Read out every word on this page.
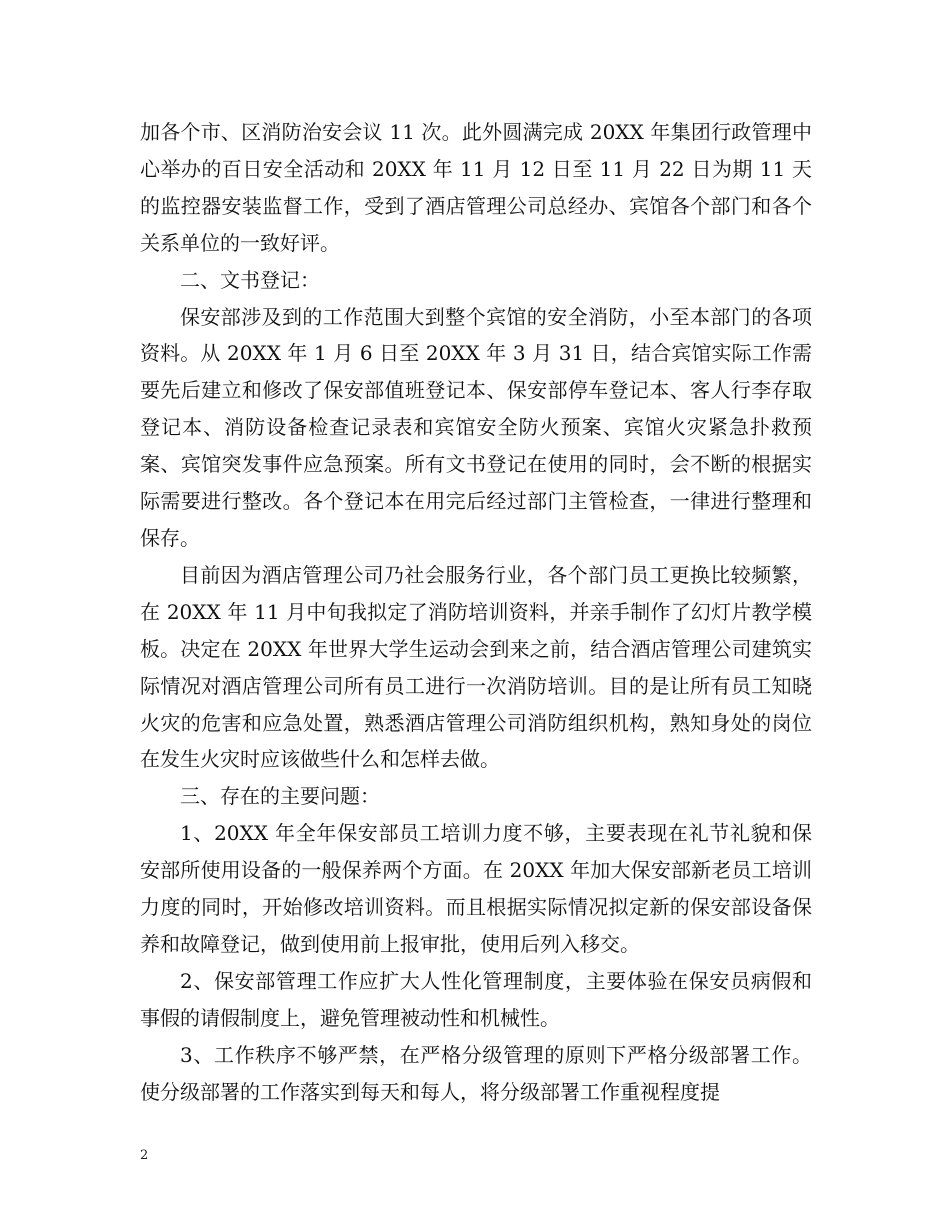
加各个市、区消防治安会议 11 次。此外圆满完成 20XX 年集团行政管理中心举办的百日安全活动和 20XX 年 11 月 12 日至 11 月 22 日为期 11 天的监控器安装监督工作，受到了酒店管理公司总经办、宾馆各个部门和各个关系单位的一致好评。

二、文书登记：

保安部涉及到的工作范围大到整个宾馆的安全消防，小至本部门的各项资料。从 20XX 年 1 月 6 日至 20XX 年 3 月 31 日，结合宾馆实际工作需要先后建立和修改了保安部值班登记本、保安部停车登记本、客人行李存取登记本、消防设备检查记录表和宾馆安全防火预案、宾馆火灾紧急扑救预案、宾馆突发事件应急预案。所有文书登记在使用的同时，会不断的根据实际需要进行整改。各个登记本在用完后经过部门主管检查，一律进行整理和保存。

目前因为酒店管理公司乃社会服务行业，各个部门员工更换比较频繁，在 20XX 年 11 月中旬我拟定了消防培训资料，并亲手制作了幻灯片教学模板。决定在 20XX 年世界大学生运动会到来之前，结合酒店管理公司建筑实际情况对酒店管理公司所有员工进行一次消防培训。目的是让所有员工知晓火灾的危害和应急处置，熟悉酒店管理公司消防组织机构，熟知身处的岗位在发生火灾时应该做些什么和怎样去做。

三、存在的主要问题：

1、20XX 年全年保安部员工培训力度不够，主要表现在礼节礼貌和保安部所使用设备的一般保养两个方面。在 20XX 年加大保安部新老员工培训力度的同时，开始修改培训资料。而且根据实际情况拟定新的保安部设备保养和故障登记，做到使用前上报审批，使用后列入移交。

2、保安部管理工作应扩大人性化管理制度，主要体验在保安员病假和事假的请假制度上，避免管理被动性和机械性。

3、工作秩序不够严禁，在严格分级管理的原则下严格分级部署工作。使分级部署的工作落实到每天和每人，将分级部署工作重视程度提

2
